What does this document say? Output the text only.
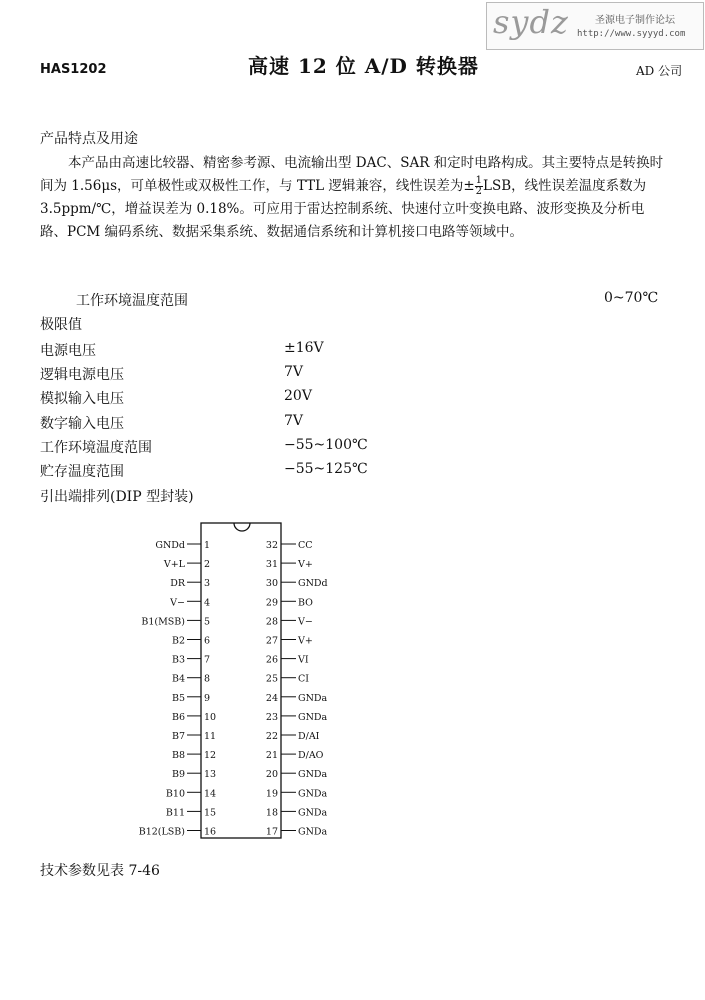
sydz	圣源电子制作论坛
http://www.syyyd.com
HAS1202	高速 12 位 A/D 转换器	AD 公司
产品特点及用途
本产品由高速比较器、精密参考源、电流输出型 DAC、SAR 和定时电路构成。其主要特点是转换时间为 1.56μs，可单极性或双极性工作，与 TTL 逻辑兼容，线性误差为± $\frac{1}{2}$ LSB，线性误差温度系数为 3.5ppm/℃，增益误差为 0.18%。可应用于雷达控制系统、快速付立叶变换电路、波形变换及分析电路、PCM 编码系统、数据采集系统、数据通信系统和计算机接口电路等领域中。
工作环境温度范围	0~70℃
极限值
电源电压	±16V
逻辑电源电压	7V
模拟输入电压	20V
数字输入电压	7V
工作环境温度范围	−55~100℃
贮存温度范围	−55~125℃
引出端排列(DIP 型封装)
GNDd 1
V+L 2
DR 3
V− 4
B1(MSB) 5
B2 6
B3 7
B4 8
B5 9
B6 10
B7 11
B8 12
B9 13
B10 14
B11 15
B12(LSB) 16
32 CC
31 V+
30 GNDd
29 BO
28 V−
27 V+
26 VI
25 CI
24 GNDa
23 GNDa
22 D/AI
21 D/AO
20 GNDa
19 GNDa
18 GNDa
17 GNDa
技术参数见表 7-46
